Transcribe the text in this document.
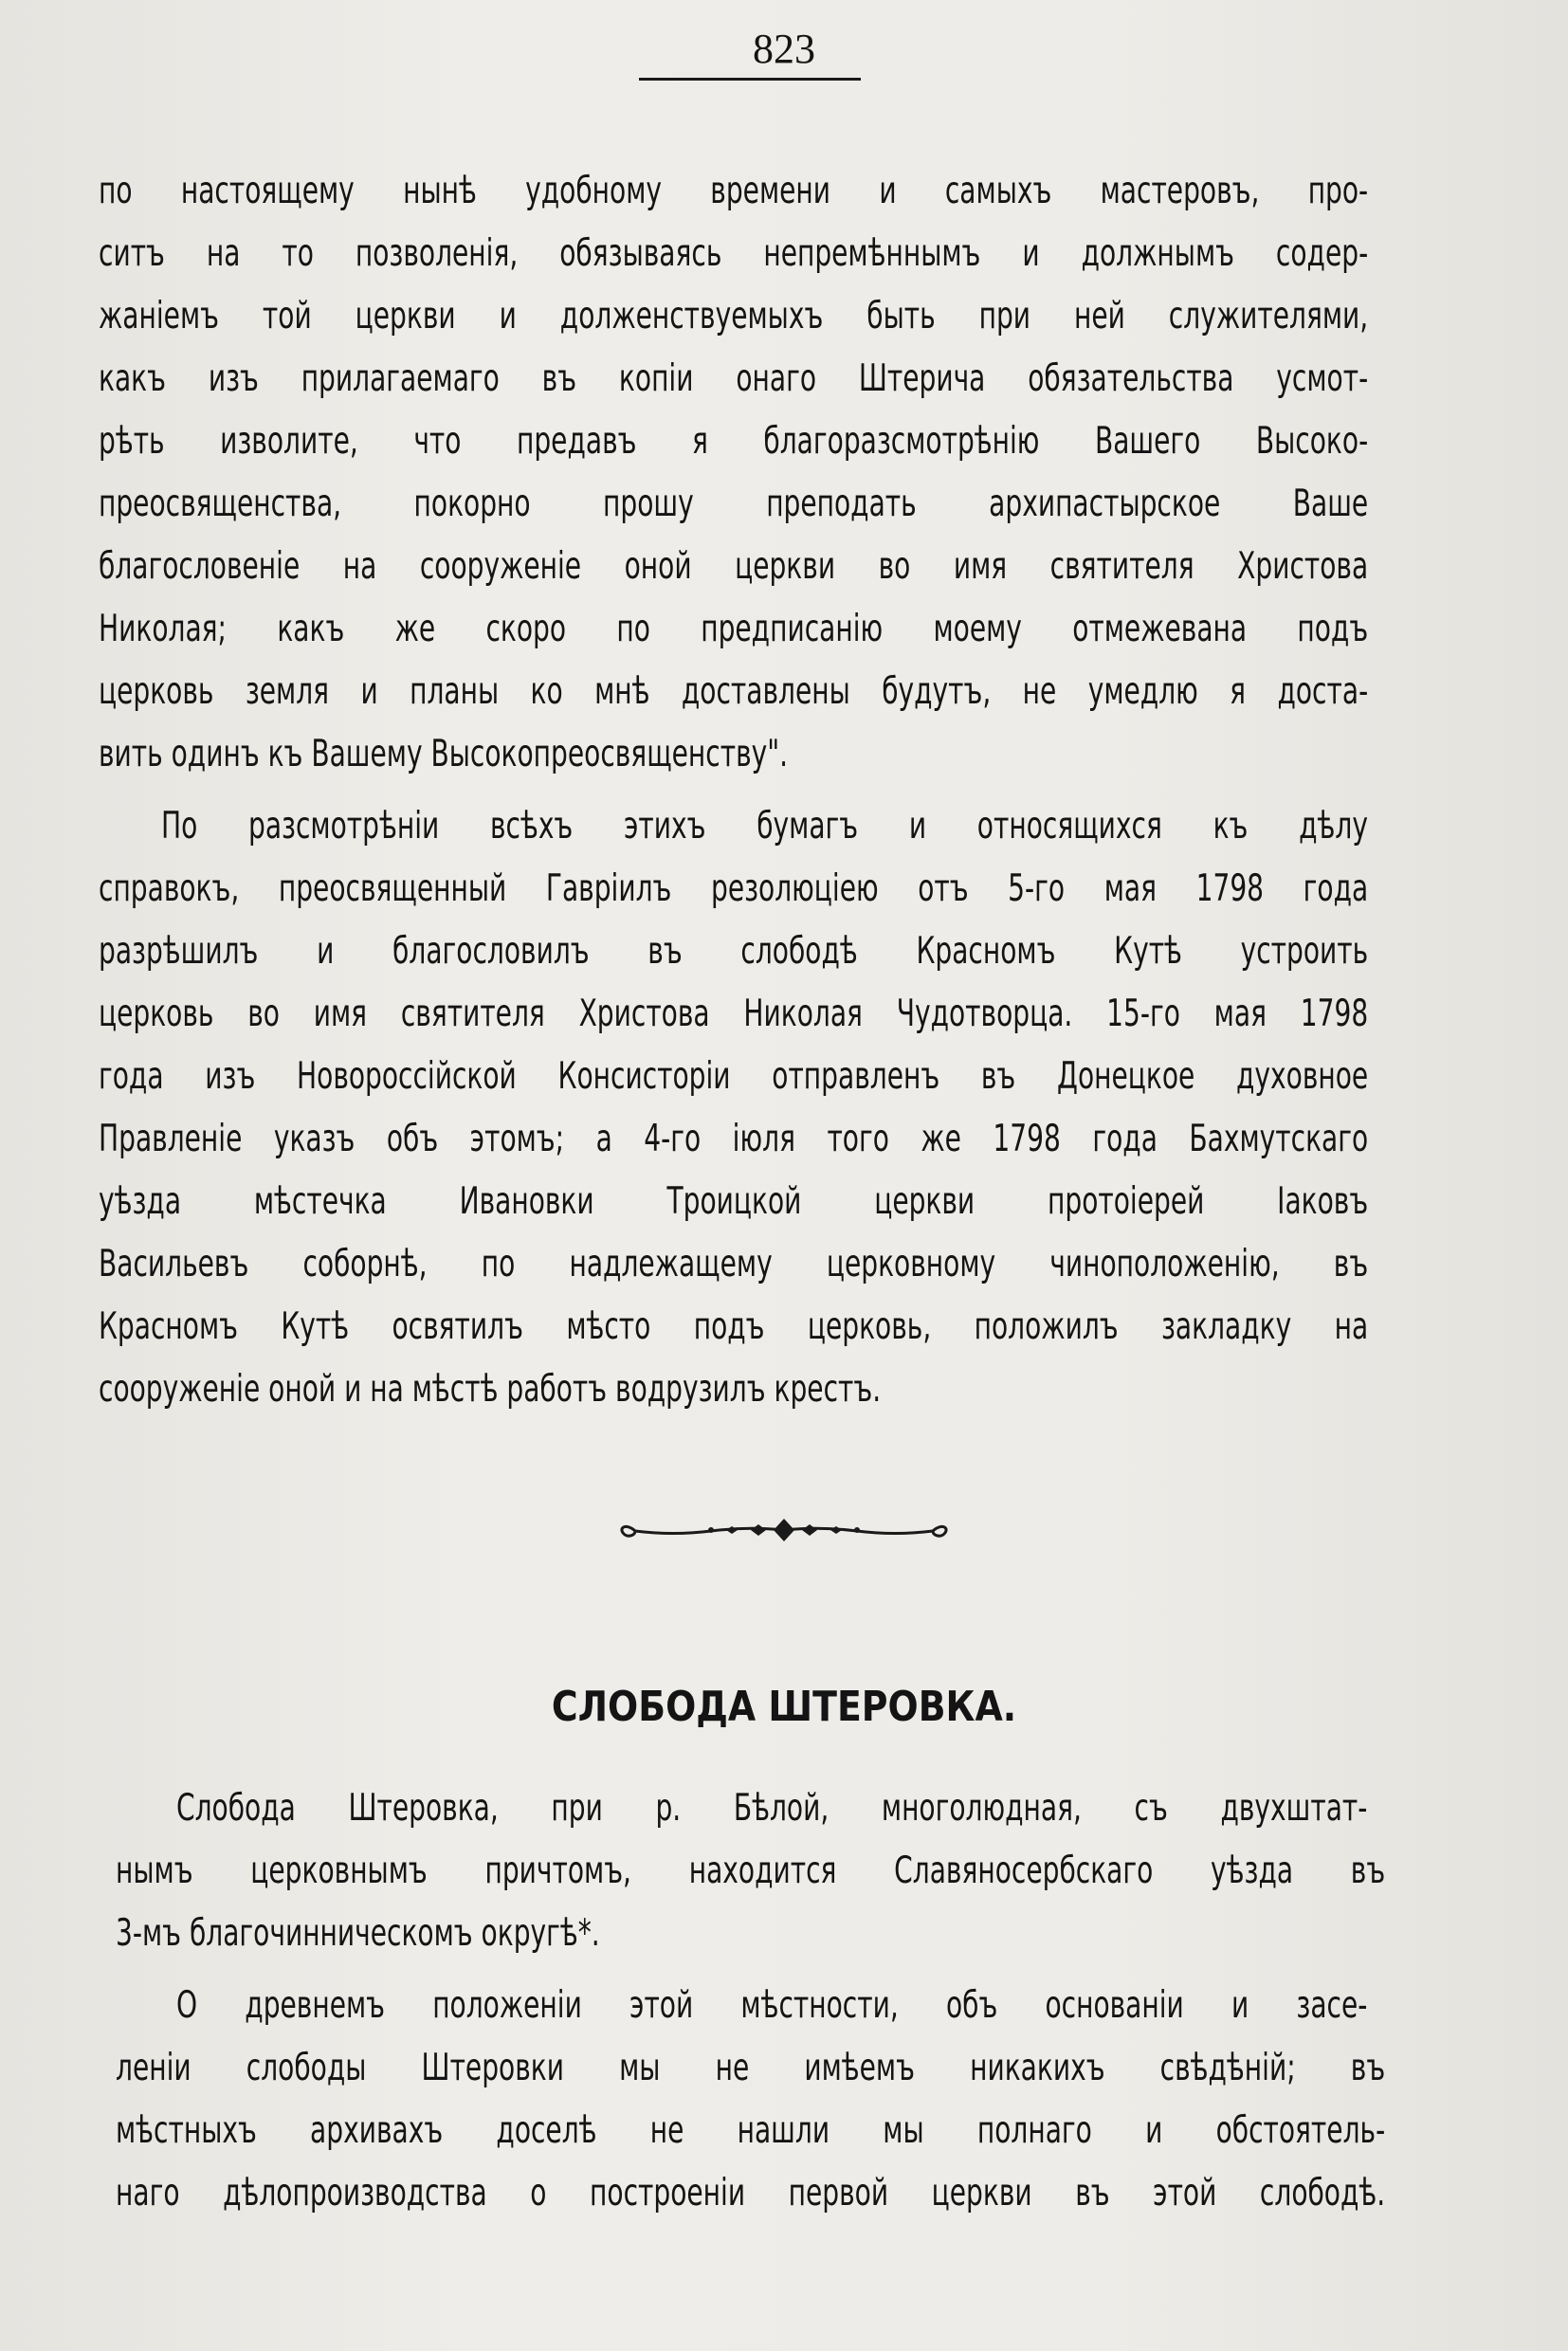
823
по настоящему нынѣ удобному времени и самыхъ мастеровъ, про-
ситъ на то позволенія, обязываясь непремѣннымъ и должнымъ содер-
жаніемъ той церкви и долженствуемыхъ быть при ней служителями,
какъ изъ прилагаемаго въ копіи онаго Штерича обязательства усмот-
рѣть изволите, что предавъ я благоразсмотрѣнію Вашего Высоко-
преосвященства, покорно прошу преподать архипастырское Ваше
благословеніе на сооруженіе оной церкви во имя святителя Христова
Николая; какъ же скоро по предписанію моему отмежевана подъ
церковь земля и планы ко мнѣ доставлены будутъ, не умедлю я доста-
вить одинъ къ Вашему Высокопреосвященству".
По разсмотрѣніи всѣхъ этихъ бумагъ и относящихся къ дѣлу
справокъ, преосвященный Гавріилъ резолюціею отъ 5-го мая 1798 года
разрѣшилъ и благословилъ въ слободѣ Красномъ Кутѣ устроить
церковь во имя святителя Христова Николая Чудотворца. 15-го мая 1798
года изъ Новороссійской Консисторіи отправленъ въ Донецкое духовное
Правленіе указъ объ этомъ; а 4-го іюля того же 1798 года Бахмутскаго
уѣзда мѣстечка Ивановки Троицкой церкви протоіерей Іаковъ
Васильевъ соборнѣ, по надлежащему церковному чиноположенію, въ
Красномъ Кутѣ освятилъ мѣсто подъ церковь, положилъ закладку на
сооруженіе оной и на мѣстѣ работъ водрузилъ крестъ.
СЛОБОДА ШТЕРОВКА.
Слобода Штеровка, при р. Бѣлой, многолюдная, съ двухштат-
нымъ церковнымъ причтомъ, находится Славяносербскаго уѣзда въ
3-мъ благочинническомъ округѣ*.
О древнемъ положеніи этой мѣстности, объ основаніи и засе-
леніи слободы Штеровки мы не имѣемъ никакихъ свѣдѣній; въ
мѣстныхъ архивахъ доселѣ не нашли мы полнаго и обстоятель-
наго дѣлопроизводства о построеніи первой церкви въ этой слободѣ.
